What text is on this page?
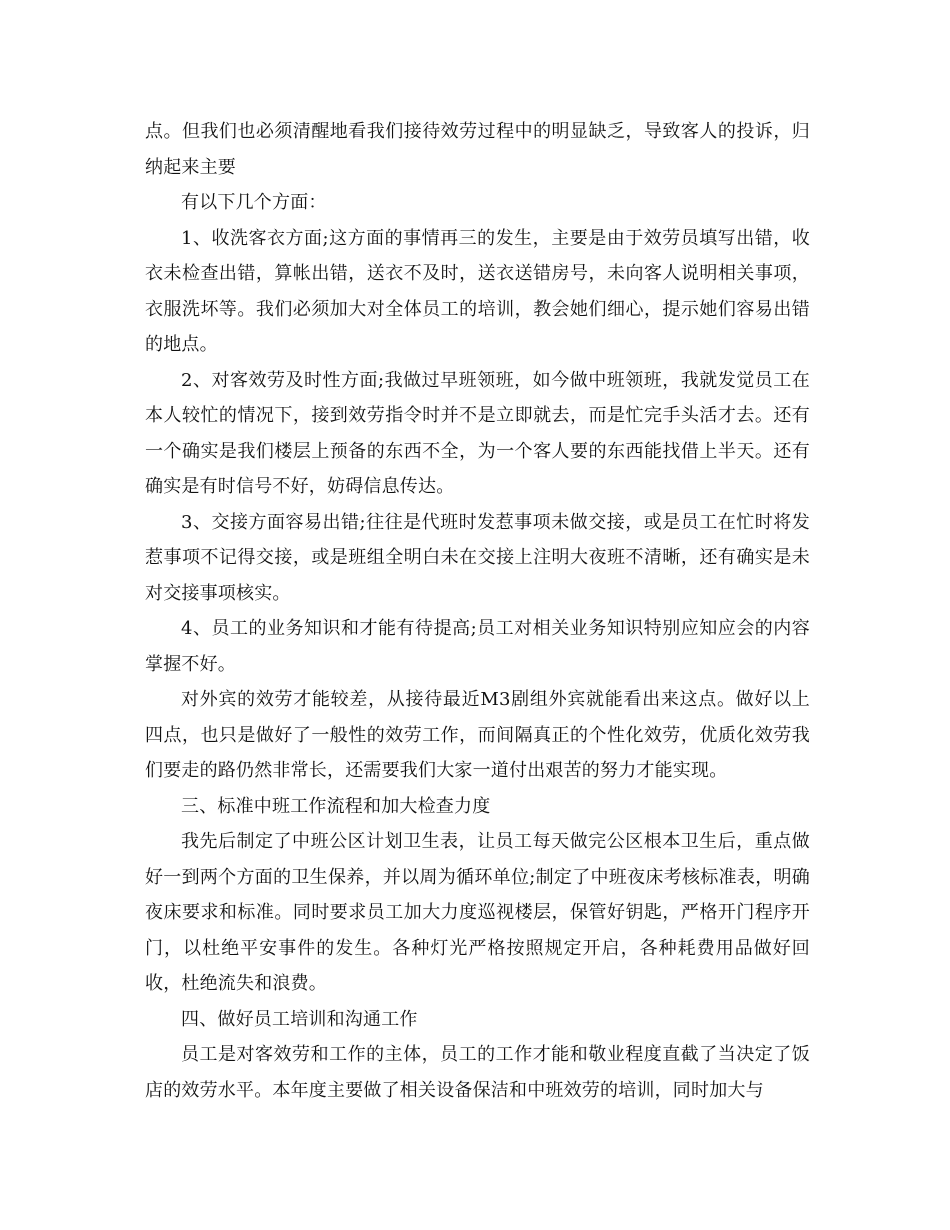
点。但我们也必须清醒地看我们接待效劳过程中的明显缺乏，导致客人的投诉，归纳起来主要

有以下几个方面：

1、收洗客衣方面;这方面的事情再三的发生，主要是由于效劳员填写出错，收衣未检查出错，算帐出错，送衣不及时，送衣送错房号，未向客人说明相关事项，衣服洗坏等。我们必须加大对全体员工的培训，教会她们细心，提示她们容易出错的地点。

2、对客效劳及时性方面;我做过早班领班，如今做中班领班，我就发觉员工在本人较忙的情况下，接到效劳指令时并不是立即就去，而是忙完手头活才去。还有一个确实是我们楼层上预备的东西不全，为一个客人要的东西能找借上半天。还有确实是有时信号不好，妨碍信息传达。

3、交接方面容易出错;往往是代班时发惹事项未做交接，或是员工在忙时将发惹事项不记得交接，或是班组全明白未在交接上注明大夜班不清晰，还有确实是未对交接事项核实。

4、员工的业务知识和才能有待提高;员工对相关业务知识特别应知应会的内容掌握不好。

对外宾的效劳才能较差，从接待最近M3剧组外宾就能看出来这点。做好以上四点，也只是做好了一般性的效劳工作，而间隔真正的个性化效劳，优质化效劳我们要走的路仍然非常长，还需要我们大家一道付出艰苦的努力才能实现。

三、标准中班工作流程和加大检查力度

我先后制定了中班公区计划卫生表，让员工每天做完公区根本卫生后，重点做好一到两个方面的卫生保养，并以周为循环单位;制定了中班夜床考核标准表，明确夜床要求和标准。同时要求员工加大力度巡视楼层，保管好钥匙，严格开门程序开门，以杜绝平安事件的发生。各种灯光严格按照规定开启，各种耗费用品做好回收，杜绝流失和浪费。

四、做好员工培训和沟通工作

员工是对客效劳和工作的主体，员工的工作才能和敬业程度直截了当决定了饭店的效劳水平。本年度主要做了相关设备保洁和中班效劳的培训，同时加大与
